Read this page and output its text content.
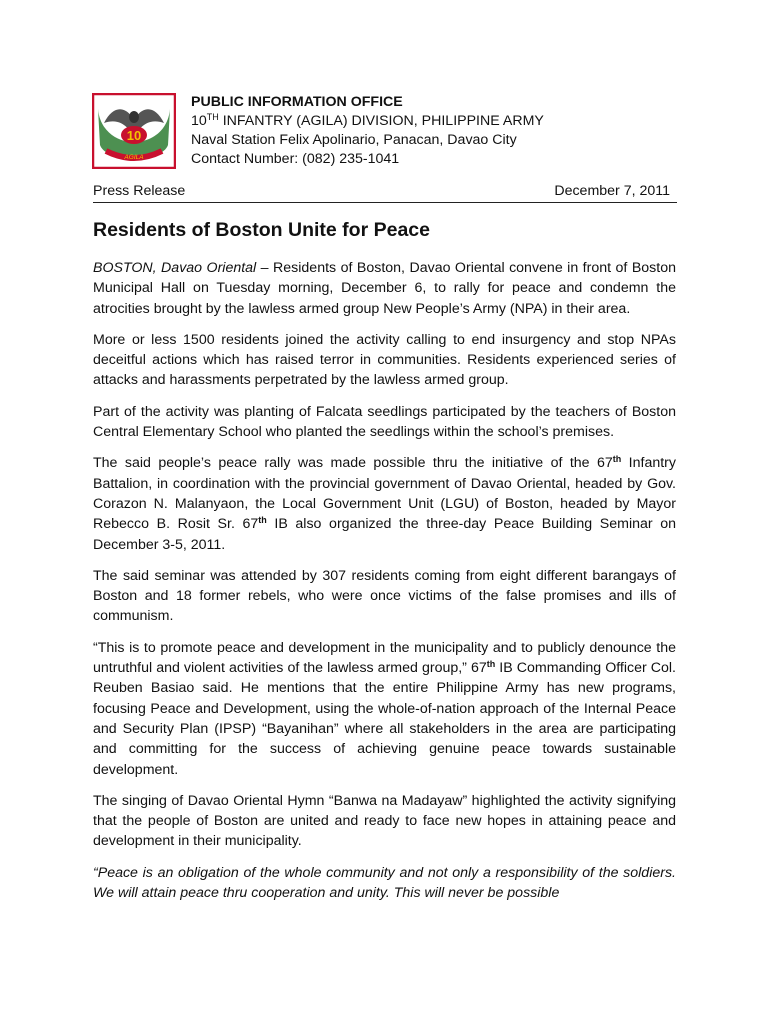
10
AGILA
PUBLIC INFORMATION OFFICE
10TH INFANTRY (AGILA) DIVISION, PHILIPPINE ARMY
Naval Station Felix Apolinario, Panacan, Davao City
Contact Number: (082) 235-1041
Press Release	December 7, 2011
Residents of Boston Unite for Peace

BOSTON, Davao Oriental – Residents of Boston, Davao Oriental convene in front of Boston Municipal Hall on Tuesday morning, December 6, to rally for peace and condemn the atrocities brought by the lawless armed group New People’s Army (NPA) in their area.

More or less 1500 residents joined the activity calling to end insurgency and stop NPAs deceitful actions which has raised terror in communities. Residents experienced series of attacks and harassments perpetrated by the lawless armed group.

Part of the activity was planting of Falcata seedlings participated by the teachers of Boston Central Elementary School who planted the seedlings within the school’s premises.

The said people’s peace rally was made possible thru the initiative of the 67th Infantry Battalion, in coordination with the provincial government of Davao Oriental, headed by Gov. Corazon N. Malanyaon, the Local Government Unit (LGU) of Boston, headed by Mayor Rebecco B. Rosit Sr. 67th IB also organized the three-day Peace Building Seminar on December 3-5, 2011.

The said seminar was attended by 307 residents coming from eight different barangays of Boston and 18 former rebels, who were once victims of the false promises and ills of communism.

“This is to promote peace and development in the municipality and to publicly denounce the untruthful and violent activities of the lawless armed group,” 67th IB Commanding Officer Col. Reuben Basiao said. He mentions that the entire Philippine Army has new programs, focusing Peace and Development, using the whole-of-nation approach of the Internal Peace and Security Plan (IPSP) “Bayanihan” where all stakeholders in the area are participating and committing for the success of achieving genuine peace towards sustainable development.

The singing of Davao Oriental Hymn “Banwa na Madayaw” highlighted the activity signifying that the people of Boston are united and ready to face new hopes in attaining peace and development in their municipality.

“Peace is an obligation of the whole community and not only a responsibility of the soldiers. We will attain peace thru cooperation and unity. This will never be possible
